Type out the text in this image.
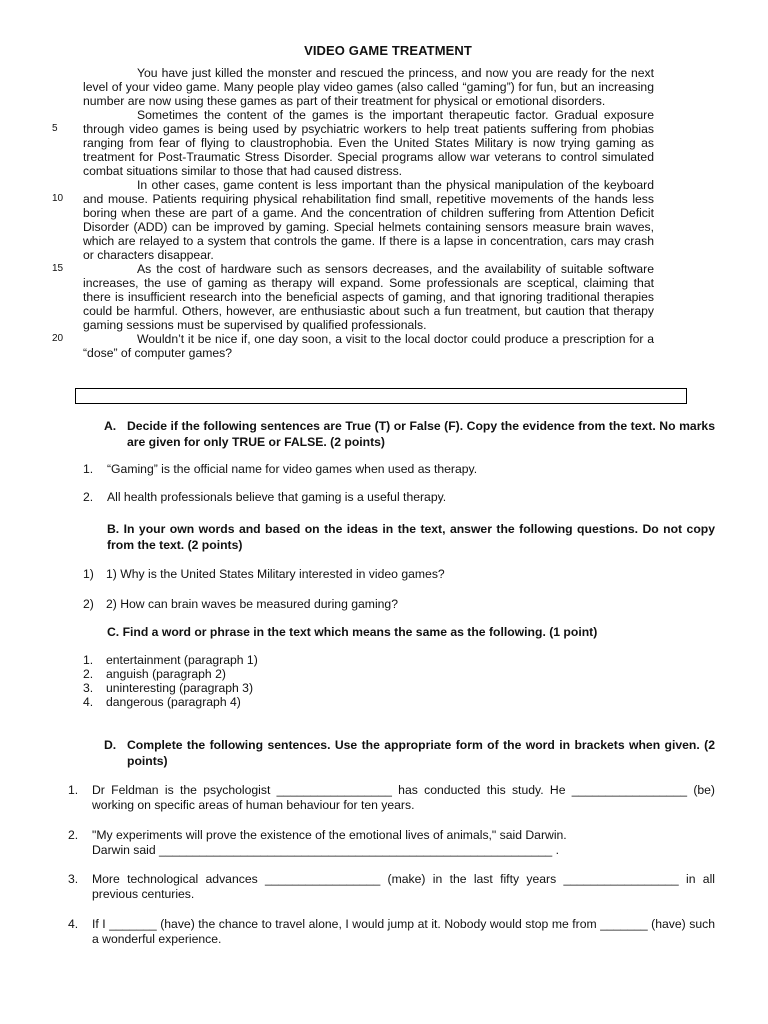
VIDEO GAME TREATMENT

You have just killed the monster and rescued the princess, and now you are ready for the next level of your video game. Many people play video games (also called “gaming”) for fun, but an increasing number are now using these games as part of their treatment for physical or emotional disorders.

Sometimes the content of the games is the important therapeutic factor. Gradual exposure through video games is being used by psychiatric workers to help treat patients suffering from phobias ranging from fear of flying to claustrophobia. Even the United States Military is now trying gaming as treatment for Post-Traumatic Stress Disorder. Special programs allow war veterans to control simulated combat situations similar to those that had caused distress.

In other cases, game content is less important than the physical manipulation of the keyboard and mouse. Patients requiring physical rehabilitation find small, repetitive movements of the hands less boring when these are part of a game. And the concentration of children suffering from Attention Deficit Disorder (ADD) can be improved by gaming. Special helmets containing sensors measure brain waves, which are relayed to a system that controls the game. If there is a lapse in concentration, cars may crash or characters disappear.

As the cost of hardware such as sensors decreases, and the availability of suitable software increases, the use of gaming as therapy will expand. Some professionals are sceptical, claiming that there is insufficient research into the beneficial aspects of gaming, and that ignoring traditional therapies could be harmful. Others, however, are enthusiastic about such a fun treatment, but caution that therapy gaming sessions must be supervised by qualified professionals.

Wouldn’t it be nice if, one day soon, a visit to the local doctor could produce a prescription for a “dose” of computer games?

5
10
15
20
A. Decide if the following sentences are True (T) or False (F). Copy the evidence from the text. No marks are given for only TRUE or FALSE. (2 points)
1. “Gaming” is the official name for video games when used as therapy.
2. All health professionals believe that gaming is a useful therapy.
B. In your own words and based on the ideas in the text, answer the following questions. Do not copy from the text. (2 points)
1) 1) Why is the United States Military interested in video games?
2) 2) How can brain waves be measured during gaming?
C. Find a word or phrase in the text which means the same as the following. (1 point)
1. entertainment (paragraph 1)
2. anguish (paragraph 2)
3. uninteresting (paragraph 3)
4. dangerous (paragraph 4)
D. Complete the following sentences. Use the appropriate form of the word in brackets when given. (2 points)
1. Dr Feldman is the psychologist _________________ has conducted this study. He _________________ (be) working on specific areas of human behaviour for ten years.
2. "My experiments will prove the existence of the emotional lives of animals," said Darwin.
Darwin said __________________________________________________________ .
3. More technological advances _________________ (make) in the last fifty years _________________ in all previous centuries.
4. If I _______ (have) the chance to travel alone, I would jump at it. Nobody would stop me from _______ (have) such a wonderful experience.
